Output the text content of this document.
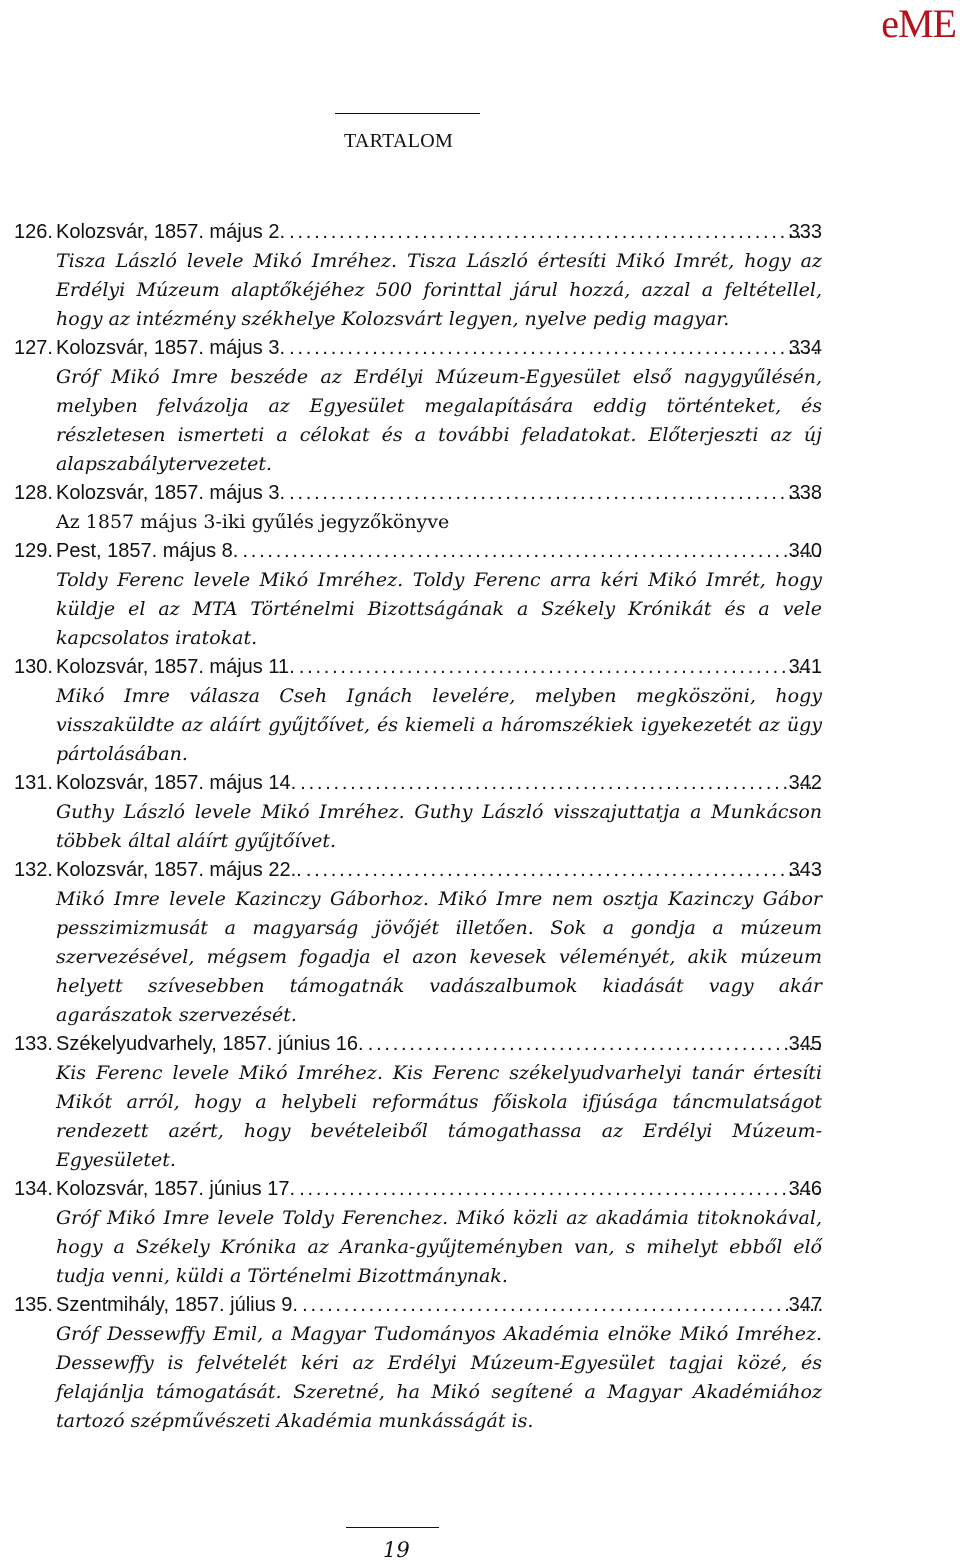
eME
TARTALOM
126. Kolozsvár, 1857. május 2. . . .	333
Tisza László levele Mikó Imréhez. Tisza László értesíti Mikó Imrét, hogy az Erdélyi Múzeum alaptőkéjéhez 500 forinttal járul hozzá, azzal a feltétellel, hogy az intézmény székhelye Kolozsvárt legyen, nyelve pedig magyar.
127. Kolozsvár, 1857. május 3. . . .	334
Gróf Mikó Imre beszéde az Erdélyi Múzeum-Egyesület első nagygyűlésén, melyben felvázolja az Egyesület megalapítására eddig történteket, és részletesen ismerteti a célokat és a további feladatokat. Előterjeszti az új alapszabálytervezetet.
128. Kolozsvár, 1857. május 3. . . .	338
Az 1857 május 3-iki gyűlés jegyzőkönyve
129. Pest, 1857. május 8. . . .	340
Toldy Ferenc levele Mikó Imréhez. Toldy Ferenc arra kéri Mikó Imrét, hogy küldje el az MTA Történelmi Bizottságának a Székely Krónikát és a vele kapcsolatos iratokat.
130. Kolozsvár, 1857. május 11. . . .	341
Mikó Imre válasza Cseh Ignách levelére, melyben megköszöni, hogy visszaküldte az aláírt gyűjtőívet, és kiemeli a háromszékiek igyekezetét az ügy pártolásában.
131. Kolozsvár, 1857. május 14. . . .	342
Guthy László levele Mikó Imréhez. Guthy László visszajuttatja a Munkácson többek által aláírt gyűjtőívet.
132. Kolozsvár, 1857. május 22.. . . .	343
Mikó Imre levele Kazinczy Gáborhoz. Mikó Imre nem osztja Kazinczy Gábor pesszimizmusát a magyarság jövőjét illetően. Sok a gondja a múzeum szervezésével, mégsem fogadja el azon kevesek véleményét, akik múzeum helyett szívesebben támogatnák vadászalbumok kiadását vagy akár agarászatok szervezését.
133. Székelyudvarhely, 1857. június 16. . . .	345
Kis Ferenc levele Mikó Imréhez. Kis Ferenc székelyudvarhelyi tanár értesíti Mikót arról, hogy a helybeli református főiskola ifjúsága táncmulatságot rendezett azért, hogy bevételeiből támogathassa az Erdélyi Múzeum-Egyesületet.
134. Kolozsvár, 1857. június 17. . . .	346
Gróf Mikó Imre levele Toldy Ferenchez. Mikó közli az akadámia titoknokával, hogy a Székely Krónika az Aranka-gyűjteményben van, s mihelyt ebből elő tudja venni, küldi a Történelmi Bizottmánynak.
135. Szentmihály, 1857. július 9. . . .	347
Gróf Dessewffy Emil, a Magyar Tudományos Akadémia elnöke Mikó Imréhez. Dessewffy is felvételét kéri az Erdélyi Múzeum-Egyesület tagjai közé, és felajánlja támogatását. Szeretné, ha Mikó segítené a Magyar Akadémiához tartozó szépművészeti Akadémia munkásságát is.
19
